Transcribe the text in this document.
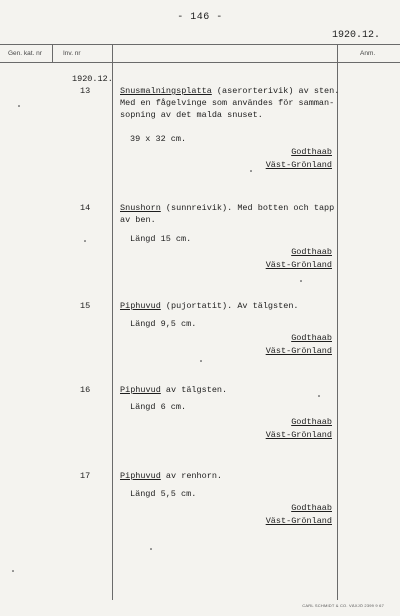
- 146 -
1920.12.
Gen. kat. nr	Inv. nr	Anm.
1920.12.
13	Snusmalningsplatta (aserorterivik) av sten.
Med en fågelvinge som användes för samman-
sopning av det malda snuset.
39 x 32 cm.
Godthaab
Väst-Grönland
14	Snushorn (sunnreivik). Med botten och tapp
av ben.
Längd 15 cm.
Godthaab
Väst-Grönland
15	Piphuvud (pujortatit). Av tälgsten.
Längd 9,5 cm.
Godthaab
Väst-Grönland
16	Piphuvud av tälgsten.
Längd 6 cm.
Godthaab
Väst-Grönland
17	Piphuvud av renhorn.
Längd 5,5 cm.
Godthaab
Väst-Grönland
CARL SCHMIDT & CO. VÄXJÖ 2399 9 67
